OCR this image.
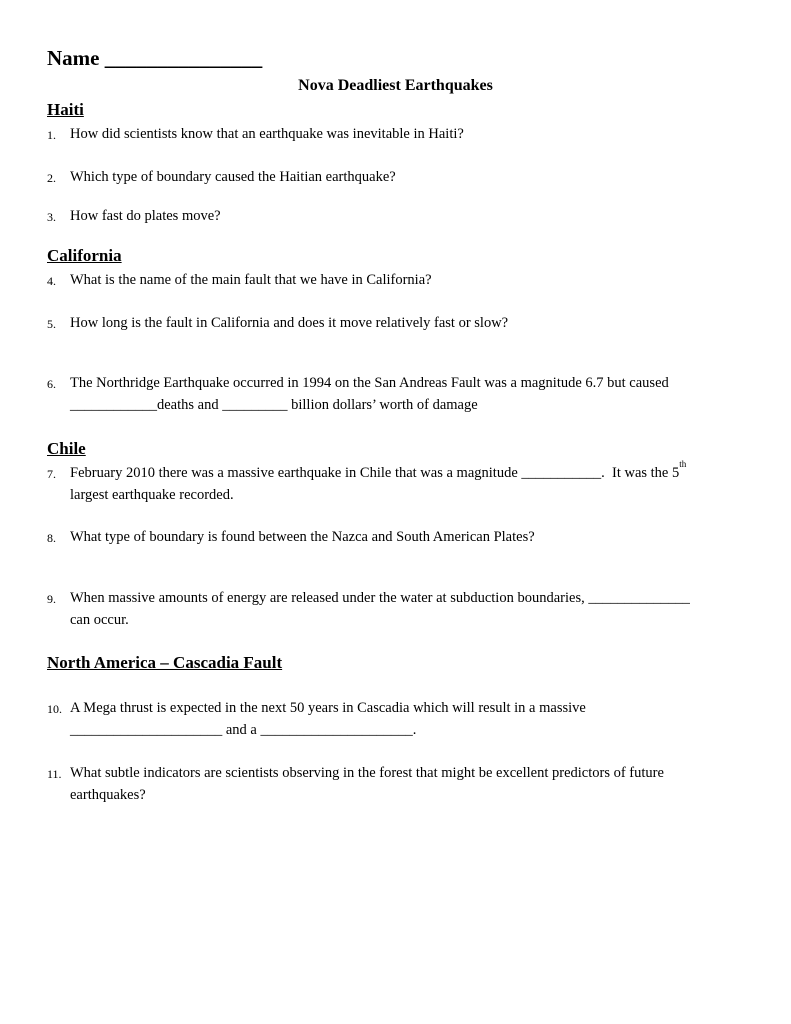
Name _______________
Nova Deadliest Earthquakes
Haiti
1. How did scientists know that an earthquake was inevitable in Haiti?
2. Which type of boundary caused the Haitian earthquake?
3. How fast do plates move?
California
4. What is the name of the main fault that we have in California?
5. How long is the fault in California and does it move relatively fast or slow?
6. The Northridge Earthquake occurred in 1994 on the San Andreas Fault was a magnitude 6.7 but caused
____________deaths and _________ billion dollars’ worth of damage
Chile
7. February 2010 there was a massive earthquake in Chile that was a magnitude ___________.  It was the 5th
largest earthquake recorded.
8. What type of boundary is found between the Nazca and South American Plates?
9. When massive amounts of energy are released under the water at subduction boundaries, ______________
can occur.
North America – Cascadia Fault
10. A Mega thrust is expected in the next 50 years in Cascadia which will result in a massive
_____________________ and a _____________________.
11. What subtle indicators are scientists observing in the forest that might be excellent predictors of future
earthquakes?
